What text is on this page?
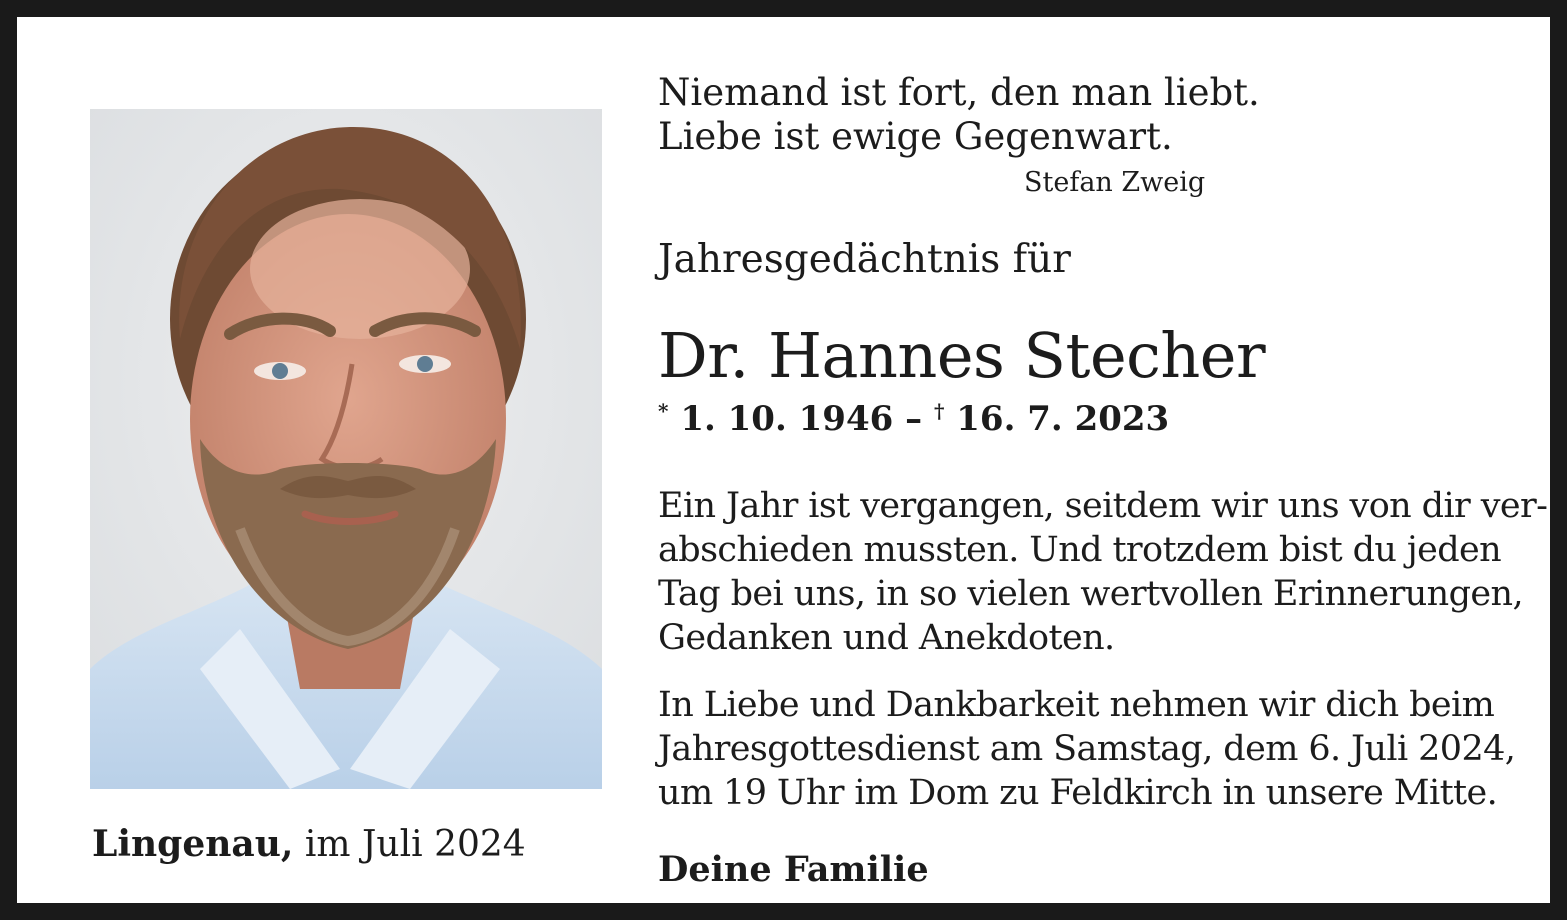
Lingenau, im Juli 2024
Niemand ist fort, den man liebt.
Liebe ist ewige Gegenwart.
Stefan Zweig
Jahresgedächtnis für
Dr. Hannes Stecher
* 1. 10. 1946 – † 16. 7. 2023
Ein Jahr ist vergangen, seitdem wir uns von dir ver-
abschieden mussten. Und trotzdem bist du jeden
Tag bei uns, in so vielen wertvollen Erinnerungen,
Gedanken und Anekdoten.
In Liebe und Dankbarkeit nehmen wir dich beim
Jahresgottesdienst am Samstag, dem 6. Juli 2024,
um 19 Uhr im Dom zu Feldkirch in unsere Mitte.
Deine Familie
